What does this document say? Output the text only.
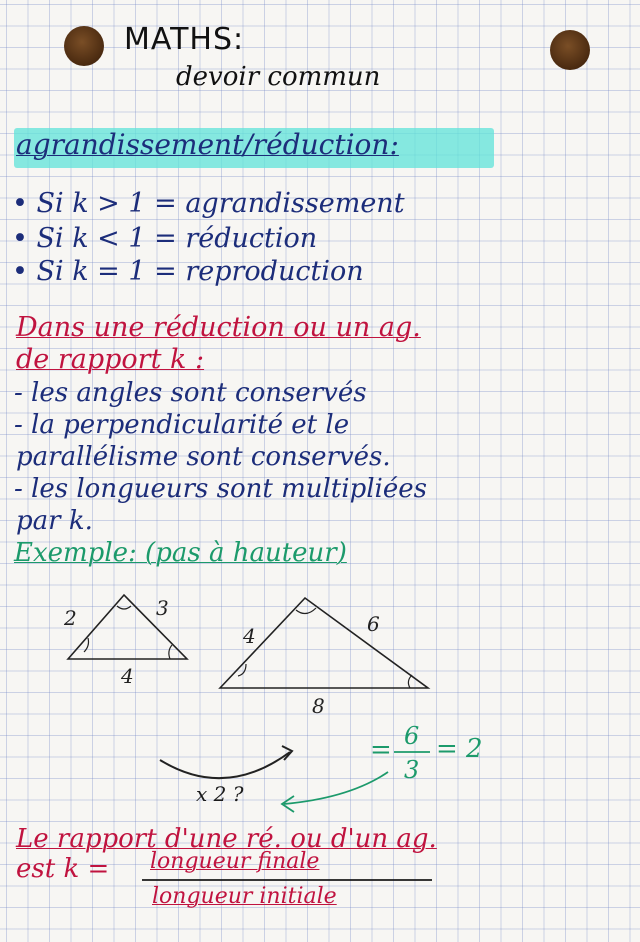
MATHS:
devoir commun
agrandissement/réduction:
• Si k > 1 = agrandissement
• Si k < 1 = réduction
• Si k = 1 = reproduction
Dans une réduction ou un ag.
de rapport k :
- les angles sont conservés
- la perpendicularité et le
parallélisme sont conservés.
- les longueurs sont multipliées
par k.
Exemple: (pas à hauteur)
2	3
4
4	6
8
x 2 ?
= 6
3
= 2
Le rapport d'une ré. ou d'un ag.
est k = longueur finale
longueur initiale
